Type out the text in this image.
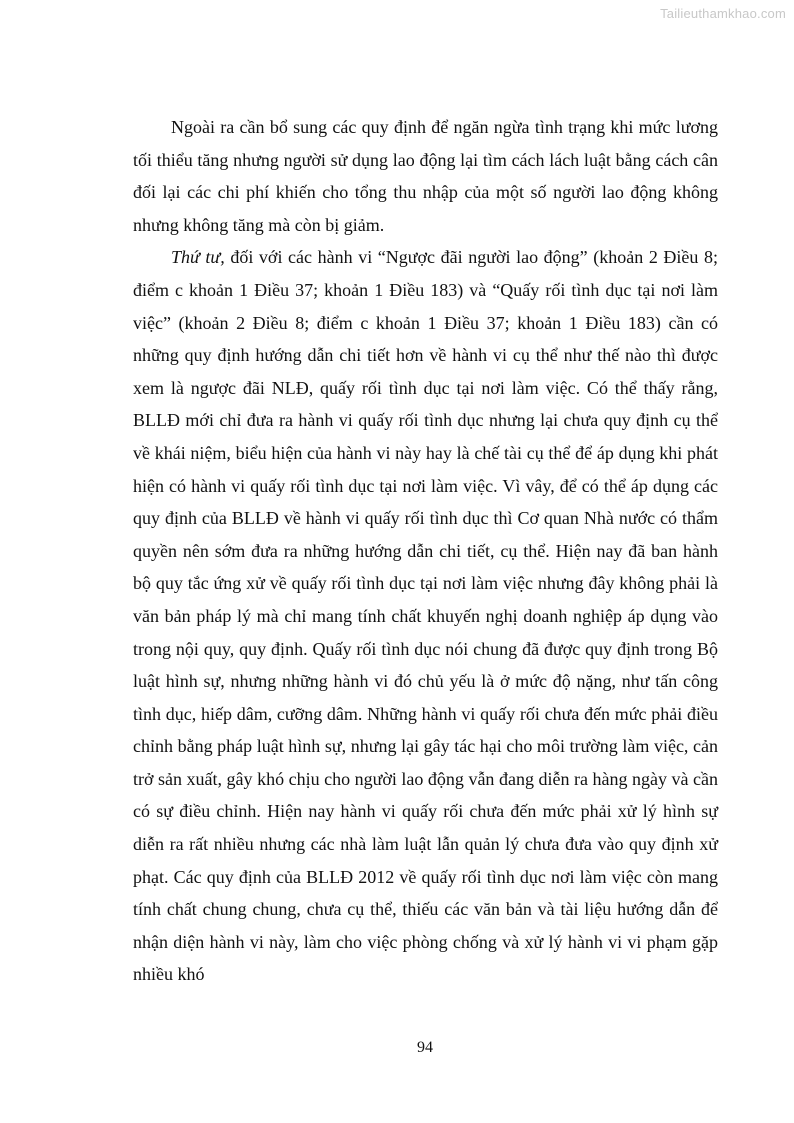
Tailieuthamkhao.com

Ngoài ra cần bổ sung các quy định để ngăn ngừa tình trạng khi mức lương tối thiểu tăng nhưng người sử dụng lao động lại tìm cách lách luật bằng cách cân đối lại các chi phí khiến cho tổng thu nhập của một số người lao động không nhưng không tăng mà còn bị giảm.

Thứ tư, đối với các hành vi “Ngược đãi người lao động” (khoản 2 Điều 8; điểm c khoản 1 Điều 37; khoản 1 Điều 183) và “Quấy rối tình dục tại nơi làm việc” (khoản 2 Điều 8; điểm c khoản 1 Điều 37; khoản 1 Điều 183) cần có những quy định hướng dẫn chi tiết hơn về hành vi cụ thể như thế nào thì được xem là ngược đãi NLĐ, quấy rối tình dục tại nơi làm việc. Có thể thấy rằng, BLLĐ mới chỉ đưa ra hành vi quấy rối tình dục nhưng lại chưa quy định cụ thể về khái niệm, biểu hiện của hành vi này hay là chế tài cụ thể để áp dụng khi phát hiện có hành vi quấy rối tình dục tại nơi làm việc. Vì vây, để có thể áp dụng các quy định của BLLĐ về hành vi quấy rối tình dục thì Cơ quan Nhà nước có thẩm quyền nên sớm đưa ra những hướng dẫn chi tiết, cụ thể. Hiện nay đã ban hành bộ quy tắc ứng xử về quấy rối tình dục tại nơi làm việc nhưng đây không phải là văn bản pháp lý mà chỉ mang tính chất khuyến nghị doanh nghiệp áp dụng vào trong nội quy, quy định. Quấy rối tình dục nói chung đã được quy định trong Bộ luật hình sự, nhưng những hành vi đó chủ yếu là ở mức độ nặng, như tấn công tình dục, hiếp dâm, cưỡng dâm. Những hành vi quấy rối chưa đến mức phải điều chỉnh bằng pháp luật hình sự, nhưng lại gây tác hại cho môi trường làm việc, cản trở sản xuất, gây khó chịu cho người lao động vẫn đang diễn ra hàng ngày và cần có sự điều chỉnh. Hiện nay hành vi quấy rối chưa đến mức phải xử lý hình sự diễn ra rất nhiều nhưng các nhà làm luật lẫn quản lý chưa đưa vào quy định xử phạt. Các quy định của BLLĐ 2012 về quấy rối tình dục nơi làm việc còn mang tính chất chung chung, chưa cụ thể, thiếu các văn bản và tài liệu hướng dẫn để nhận diện hành vi này, làm cho việc phòng chống và xử lý hành vi vi phạm gặp nhiều khó

94
